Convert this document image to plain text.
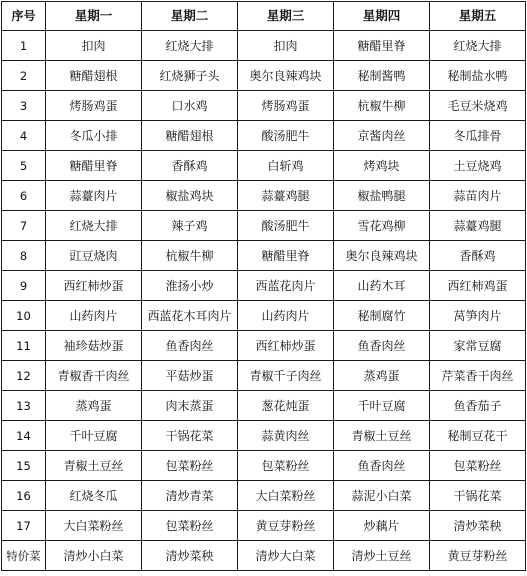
序号	星期一	星期二	星期三	星期四	星期五
1	扣肉	红烧大排	扣肉	糖醋里脊	红烧大排
2	糖醋翅根	红烧狮子头	奥尔良辣鸡块	秘制酱鸭	秘制盐水鸭
3	烤肠鸡蛋	口水鸡	烤肠鸡蛋	杭椒牛柳	毛豆米烧鸡
4	冬瓜小排	糖醋翅根	酸汤肥牛	京酱肉丝	冬瓜排骨
5	糖醋里脊	香酥鸡	白斩鸡	烤鸡块	土豆烧鸡
6	蒜薹肉片	椒盐鸡块	蒜薹鸡腿	椒盐鸭腿	蒜苗肉片
7	红烧大排	辣子鸡	酸汤肥牛	雪花鸡柳	蒜薹鸡腿
8	豇豆烧肉	杭椒牛柳	糖醋里脊	奥尔良辣鸡块	香酥鸡
9	西红柿炒蛋	淮扬小炒	西蓝花肉片	山药木耳	西红柿鸡蛋
10	山药肉片	西蓝花木耳肉片	山药肉片	秘制腐竹	莴笋肉片
11	袖珍菇炒蛋	鱼香肉丝	西红柿炒蛋	鱼香肉丝	家常豆腐
12	青椒香干肉丝	平菇炒蛋	青椒千子肉丝	蒸鸡蛋	芹菜香干肉丝
13	蒸鸡蛋	肉末蒸蛋	葱花炖蛋	千叶豆腐	鱼香茄子
14	千叶豆腐	干锅花菜	蒜黄肉丝	青椒土豆丝	秘制豆花干
15	青椒土豆丝	包菜粉丝	包菜粉丝	鱼香肉丝	包菜粉丝
16	红烧冬瓜	清炒青菜	大白菜粉丝	蒜泥小白菜	干锅花菜
17	大白菜粉丝	包菜粉丝	黄豆芽粉丝	炒藕片	清炒菜秧
特价菜	清炒小白菜	清炒菜秧	清炒大白菜	清炒土豆丝	黄豆芽粉丝
